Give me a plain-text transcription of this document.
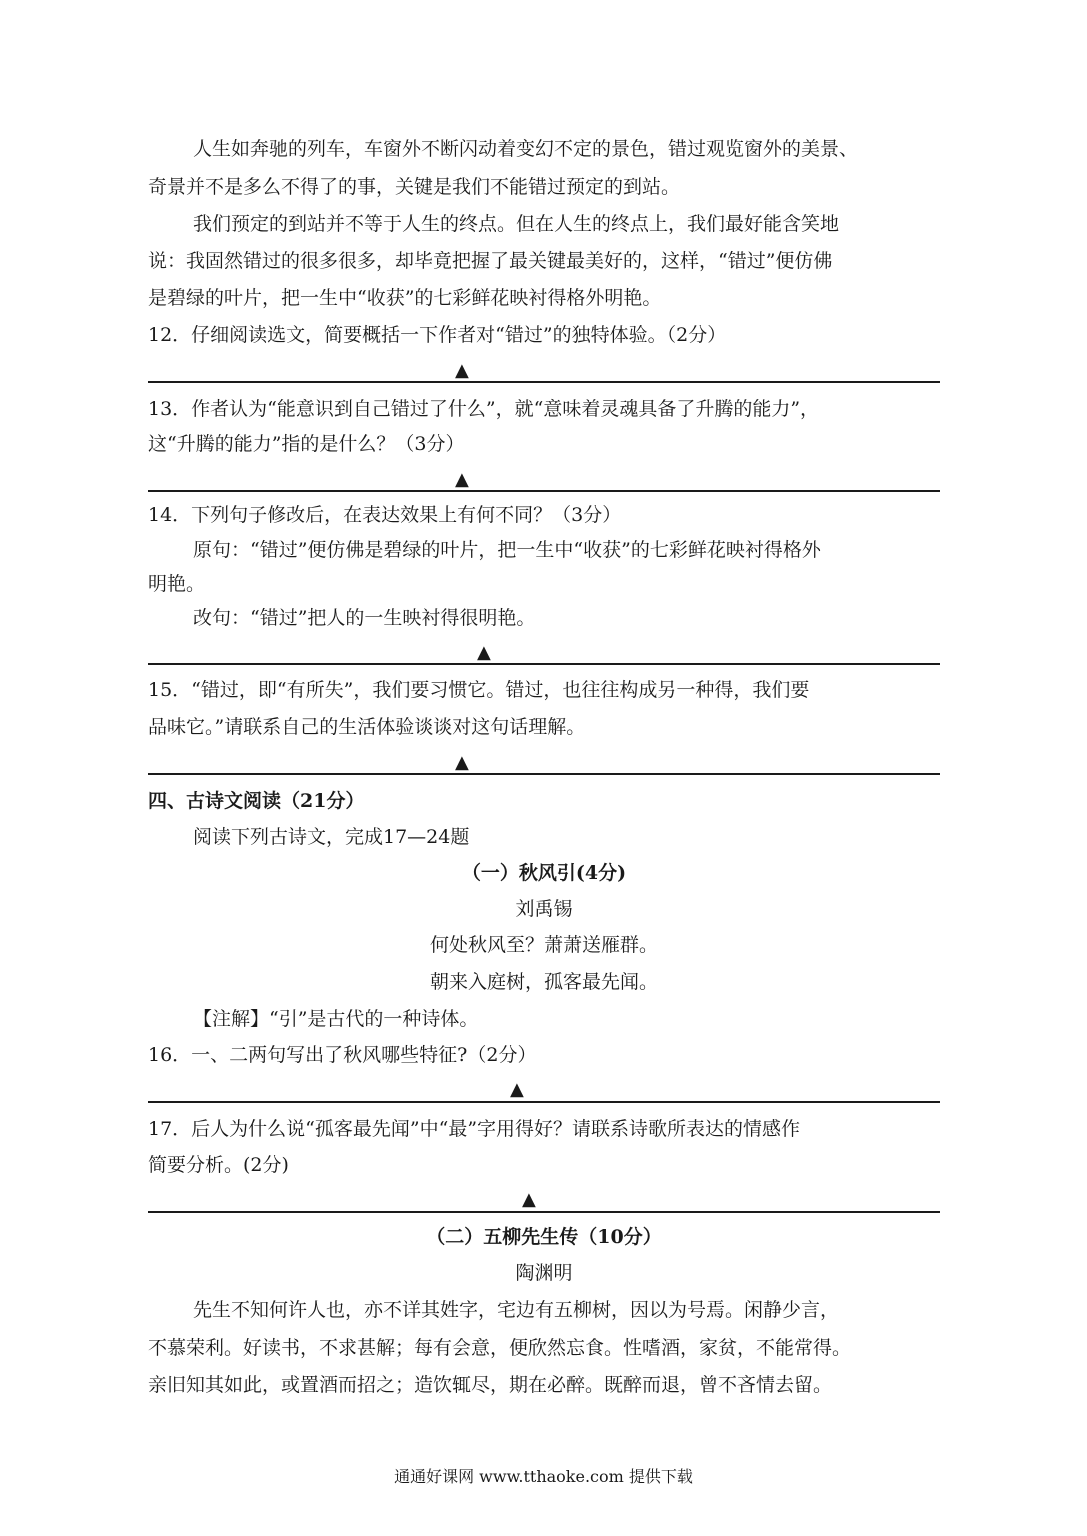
人生如奔驰的列车，车窗外不断闪动着变幻不定的景色，错过观览窗外的美景、
奇景并不是多么不得了的事，关键是我们不能错过预定的到站。
我们预定的到站并不等于人生的终点。但在人生的终点上，我们最好能含笑地
说：我固然错过的很多很多，却毕竟把握了最关键最美好的，这样，“错过”便仿佛
是碧绿的叶片，把一生中“收获”的七彩鲜花映衬得格外明艳。
12．仔细阅读选文，简要概括一下作者对“错过”的独特体验。（2分）
▲
13．作者认为“能意识到自己错过了什么”，就“意味着灵魂具备了升腾的能力”，
这“升腾的能力”指的是什么？（3分）
▲
14．下列句子修改后，在表达效果上有何不同？（3分）
原句：“错过”便仿佛是碧绿的叶片，把一生中“收获”的七彩鲜花映衬得格外
明艳。
改句：“错过”把人的一生映衬得很明艳。
▲
15．“错过，即“有所失”，我们要习惯它。错过，也往往构成另一种得，我们要
品味它。”请联系自己的生活体验谈谈对这句话理解。
▲
四、古诗文阅读（21分）
阅读下列古诗文，完成17—24题
（一）秋风引(4分)
刘禹锡
何处秋风至？萧萧送雁群。
朝来入庭树，孤客最先闻。
【注解】“引”是古代的一种诗体。
16．一、二两句写出了秋风哪些特征?（2分）
▲
17．后人为什么说“孤客最先闻”中“最”字用得好？请联系诗歌所表达的情感作
简要分析。(2分)
▲
（二）五柳先生传（10分）
陶渊明
先生不知何许人也，亦不详其姓字，宅边有五柳树，因以为号焉。闲静少言，
不慕荣利。好读书，不求甚解；每有会意，便欣然忘食。性嗜酒，家贫，不能常得。
亲旧知其如此，或置酒而招之；造饮辄尽，期在必醉。既醉而退，曾不吝情去留。
通通好课网 www.tthaoke.com 提供下载
